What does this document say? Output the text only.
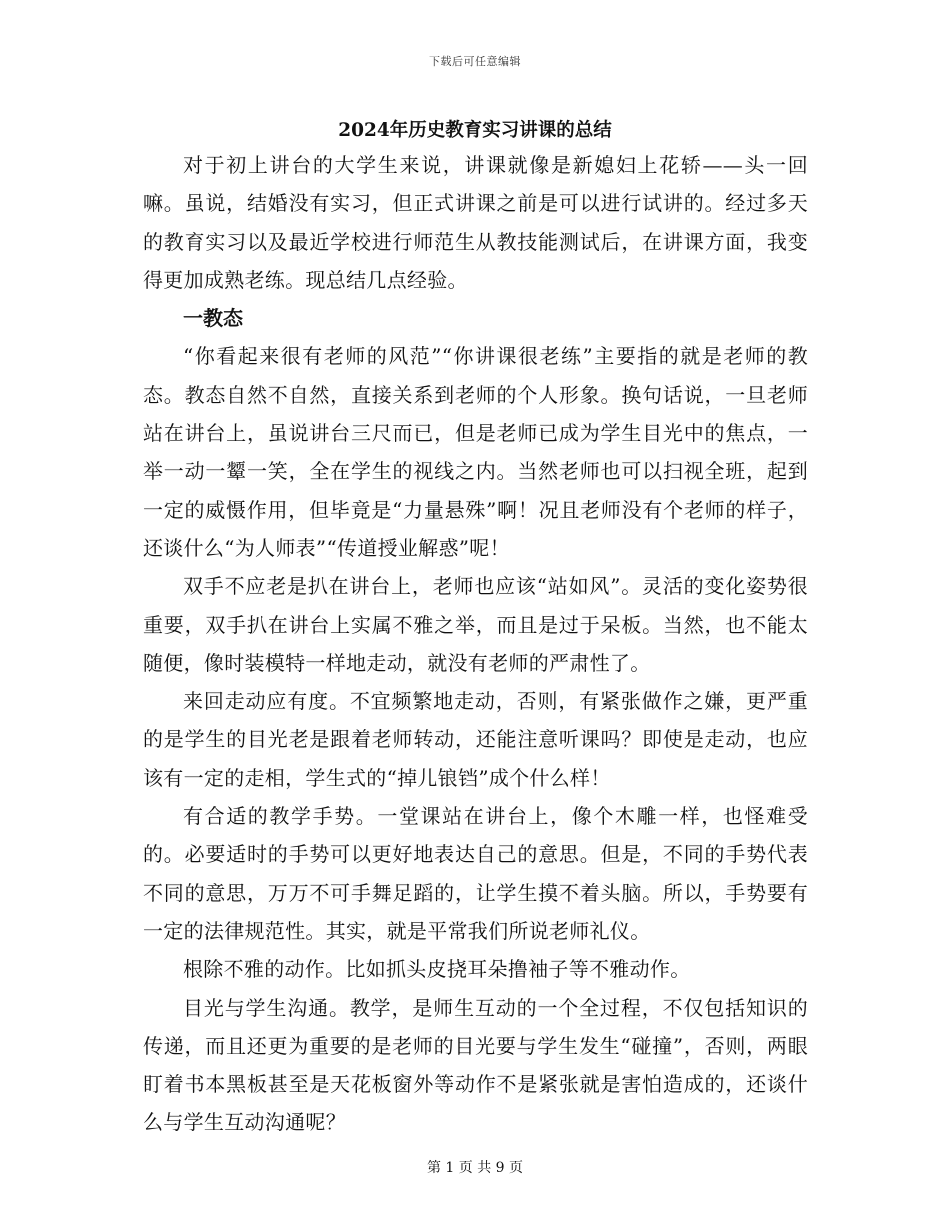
下载后可任意编辑
2024年历史教育实习讲课的总结

对于初上讲台的大学生来说，讲课就像是新媳妇上花轿——头一回嘛。虽说，结婚没有实习，但正式讲课之前是可以进行试讲的。经过多天的教育实习以及最近学校进行师范生从教技能测试后，在讲课方面，我变得更加成熟老练。现总结几点经验。

一教态

“你看起来很有老师的风范”“你讲课很老练”主要指的就是老师的教态。教态自然不自然，直接关系到老师的个人形象。换句话说，一旦老师站在讲台上，虽说讲台三尺而已，但是老师已成为学生目光中的焦点，一举一动一颦一笑，全在学生的视线之内。当然老师也可以扫视全班，起到一定的威慑作用，但毕竟是“力量悬殊”啊！况且老师没有个老师的样子，还谈什么“为人师表”“传道授业解惑”呢！

双手不应老是扒在讲台上，老师也应该“站如风”。灵活的变化姿势很重要，双手扒在讲台上实属不雅之举，而且是过于呆板。当然，也不能太随便，像时装模特一样地走动，就没有老师的严肃性了。

来回走动应有度。不宜频繁地走动，否则，有紧张做作之嫌，更严重的是学生的目光老是跟着老师转动，还能注意听课吗？即使是走动，也应该有一定的走相，学生式的“掉儿锒铛”成个什么样！

有合适的教学手势。一堂课站在讲台上，像个木雕一样，也怪难受的。必要适时的手势可以更好地表达自己的意思。但是，不同的手势代表不同的意思，万万不可手舞足蹈的，让学生摸不着头脑。所以，手势要有一定的法律规范性。其实，就是平常我们所说老师礼仪。

根除不雅的动作。比如抓头皮挠耳朵撸袖子等不雅动作。

目光与学生沟通。教学，是师生互动的一个全过程，不仅包括知识的传递，而且还更为重要的是老师的目光要与学生发生“碰撞”，否则，两眼盯着书本黑板甚至是天花板窗外等动作不是紧张就是害怕造成的，还谈什么与学生互动沟通呢？

第 1 页 共 9 页
